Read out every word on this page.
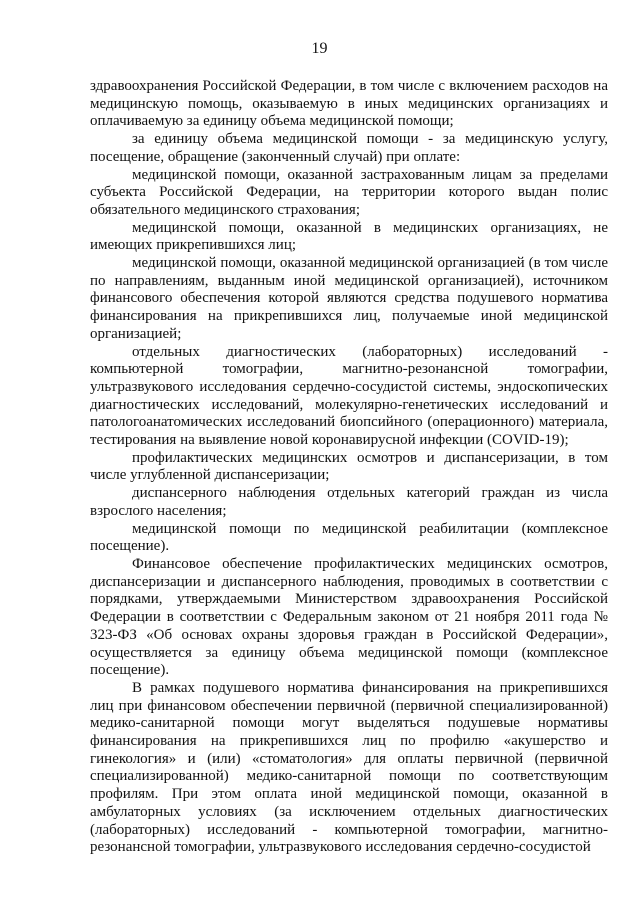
19

здравоохранения Российской Федерации, в том числе с включением расходов на медицинскую помощь, оказываемую в иных медицинских организациях и оплачиваемую за единицу объема медицинской помощи;

за единицу объема медицинской помощи - за медицинскую услугу, посещение, обращение (законченный случай) при оплате:

медицинской помощи, оказанной застрахованным лицам за пределами субъекта Российской Федерации, на территории которого выдан полис обязательного медицинского страхования;

медицинской помощи, оказанной в медицинских организациях, не имеющих прикрепившихся лиц;

медицинской помощи, оказанной медицинской организацией (в том числе по направлениям, выданным иной медицинской организацией), источником финансового обеспечения которой являются средства подушевого норматива финансирования на прикрепившихся лиц, получаемые иной медицинской организацией;

отдельных диагностических (лабораторных) исследований - компьютерной томографии, магнитно-резонансной томографии, ультразвукового исследования сердечно-сосудистой системы, эндоскопических диагностических исследований, молекулярно-генетических исследований и патологоанатомических исследований биопсийного (операционного) материала, тестирования на выявление новой коронавирусной инфекции (COVID-19);

профилактических медицинских осмотров и диспансеризации, в том числе углубленной диспансеризации;

диспансерного наблюдения отдельных категорий граждан из числа взрослого населения;

медицинской помощи по медицинской реабилитации (комплексное посещение).

Финансовое обеспечение профилактических медицинских осмотров, диспансеризации и диспансерного наблюдения, проводимых в соответствии с порядками, утверждаемыми Министерством здравоохранения Российской Федерации в соответствии с Федеральным законом от 21 ноября 2011 года № 323-ФЗ «Об основах охраны здоровья граждан в Российской Федерации», осуществляется за единицу объема медицинской помощи (комплексное посещение).

В рамках подушевого норматива финансирования на прикрепившихся лиц при финансовом обеспечении первичной (первичной специализированной) медико-санитарной помощи могут выделяться подушевые нормативы финансирования на прикрепившихся лиц по профилю «акушерство и гинекология» и (или) «стоматология» для оплаты первичной (первичной специализированной) медико-санитарной помощи по соответствующим профилям. При этом оплата иной медицинской помощи, оказанной в амбулаторных условиях (за исключением отдельных диагностических (лабораторных) исследований - компьютерной томографии, магнитно-резонансной томографии, ультразвукового исследования сердечно-сосудистой
